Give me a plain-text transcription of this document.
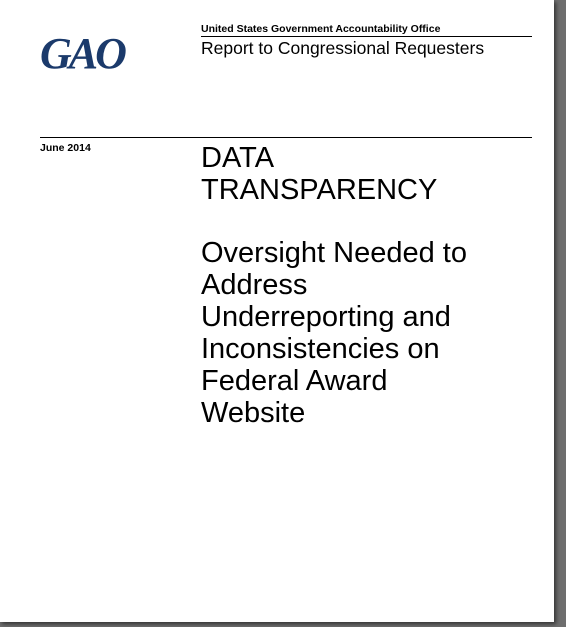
GAO	United States Government Accountability Office
Report to Congressional Requesters
June 2014	DATA
TRANSPARENCY
Oversight Needed to
Address
Underreporting and
Inconsistencies on
Federal Award
Website
